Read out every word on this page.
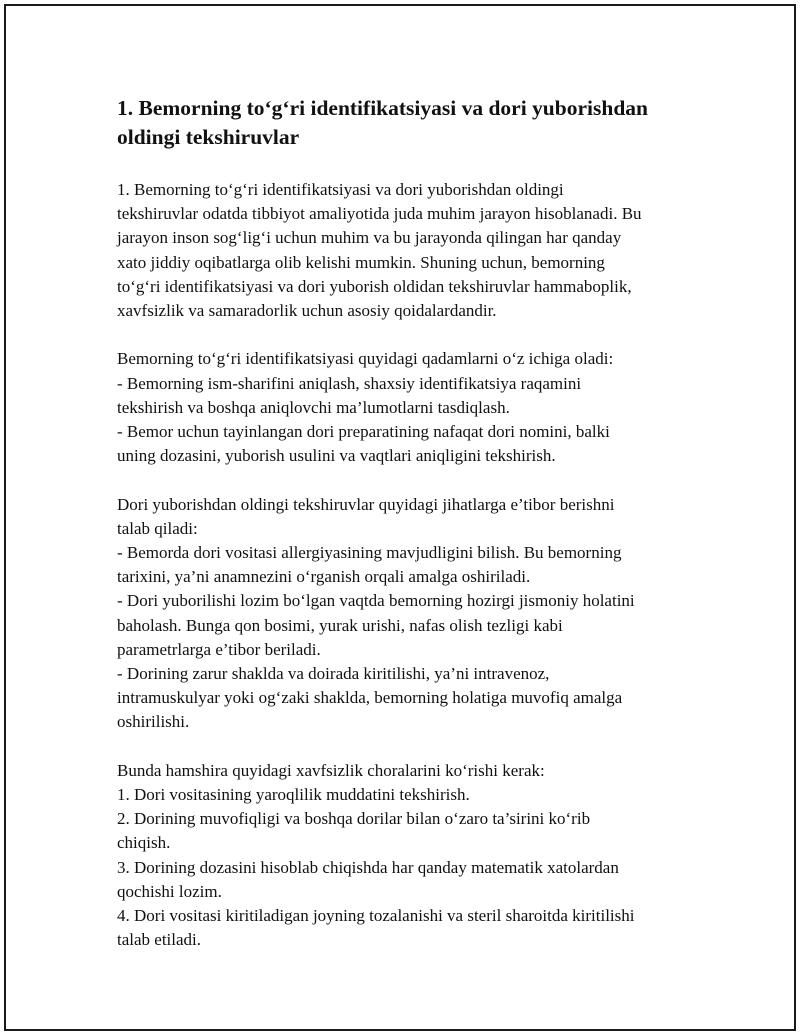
1. Bemorning to‘g‘ri identifikatsiyasi va dori yuborishdan
oldingi tekshiruvlar

1. Bemorning to‘g‘ri identifikatsiyasi va dori yuborishdan oldingi
tekshiruvlar odatda tibbiyot amaliyotida juda muhim jarayon hisoblanadi. Bu
jarayon inson sog‘lig‘i uchun muhim va bu jarayonda qilingan har qanday
xato jiddiy oqibatlarga olib kelishi mumkin. Shuning uchun, bemorning
to‘g‘ri identifikatsiyasi va dori yuborish oldidan tekshiruvlar hammaboplik,
xavfsizlik va samaradorlik uchun asosiy qoidalardandir.

Bemorning to‘g‘ri identifikatsiyasi quyidagi qadamlarni o‘z ichiga oladi:
- Bemorning ism-sharifini aniqlash, shaxsiy identifikatsiya raqamini
tekshirish va boshqa aniqlovchi ma’lumotlarni tasdiqlash.
- Bemor uchun tayinlangan dori preparatining nafaqat dori nomini, balki
uning dozasini, yuborish usulini va vaqtlari aniqligini tekshirish.

Dori yuborishdan oldingi tekshiruvlar quyidagi jihatlarga e’tibor berishni
talab qiladi:
- Bemorda dori vositasi allergiyasining mavjudligini bilish. Bu bemorning
tarixini, ya’ni anamnezini o‘rganish orqali amalga oshiriladi.
- Dori yuborilishi lozim bo‘lgan vaqtda bemorning hozirgi jismoniy holatini
baholash. Bunga qon bosimi, yurak urishi, nafas olish tezligi kabi
parametrlarga e’tibor beriladi.
- Dorining zarur shaklda va doirada kiritilishi, ya’ni intravenoz,
intramuskulyar yoki og‘zaki shaklda, bemorning holatiga muvofiq amalga
oshirilishi.

Bunda hamshira quyidagi xavfsizlik choralarini ko‘rishi kerak:
1. Dori vositasining yaroqlilik muddatini tekshirish.
2. Dorining muvofiqligi va boshqa dorilar bilan o‘zaro ta’sirini ko‘rib
chiqish.
3. Dorining dozasini hisoblab chiqishda har qanday matematik xatolardan
qochishi lozim.
4. Dori vositasi kiritiladigan joyning tozalanishi va steril sharoitda kiritilishi
talab etiladi.
